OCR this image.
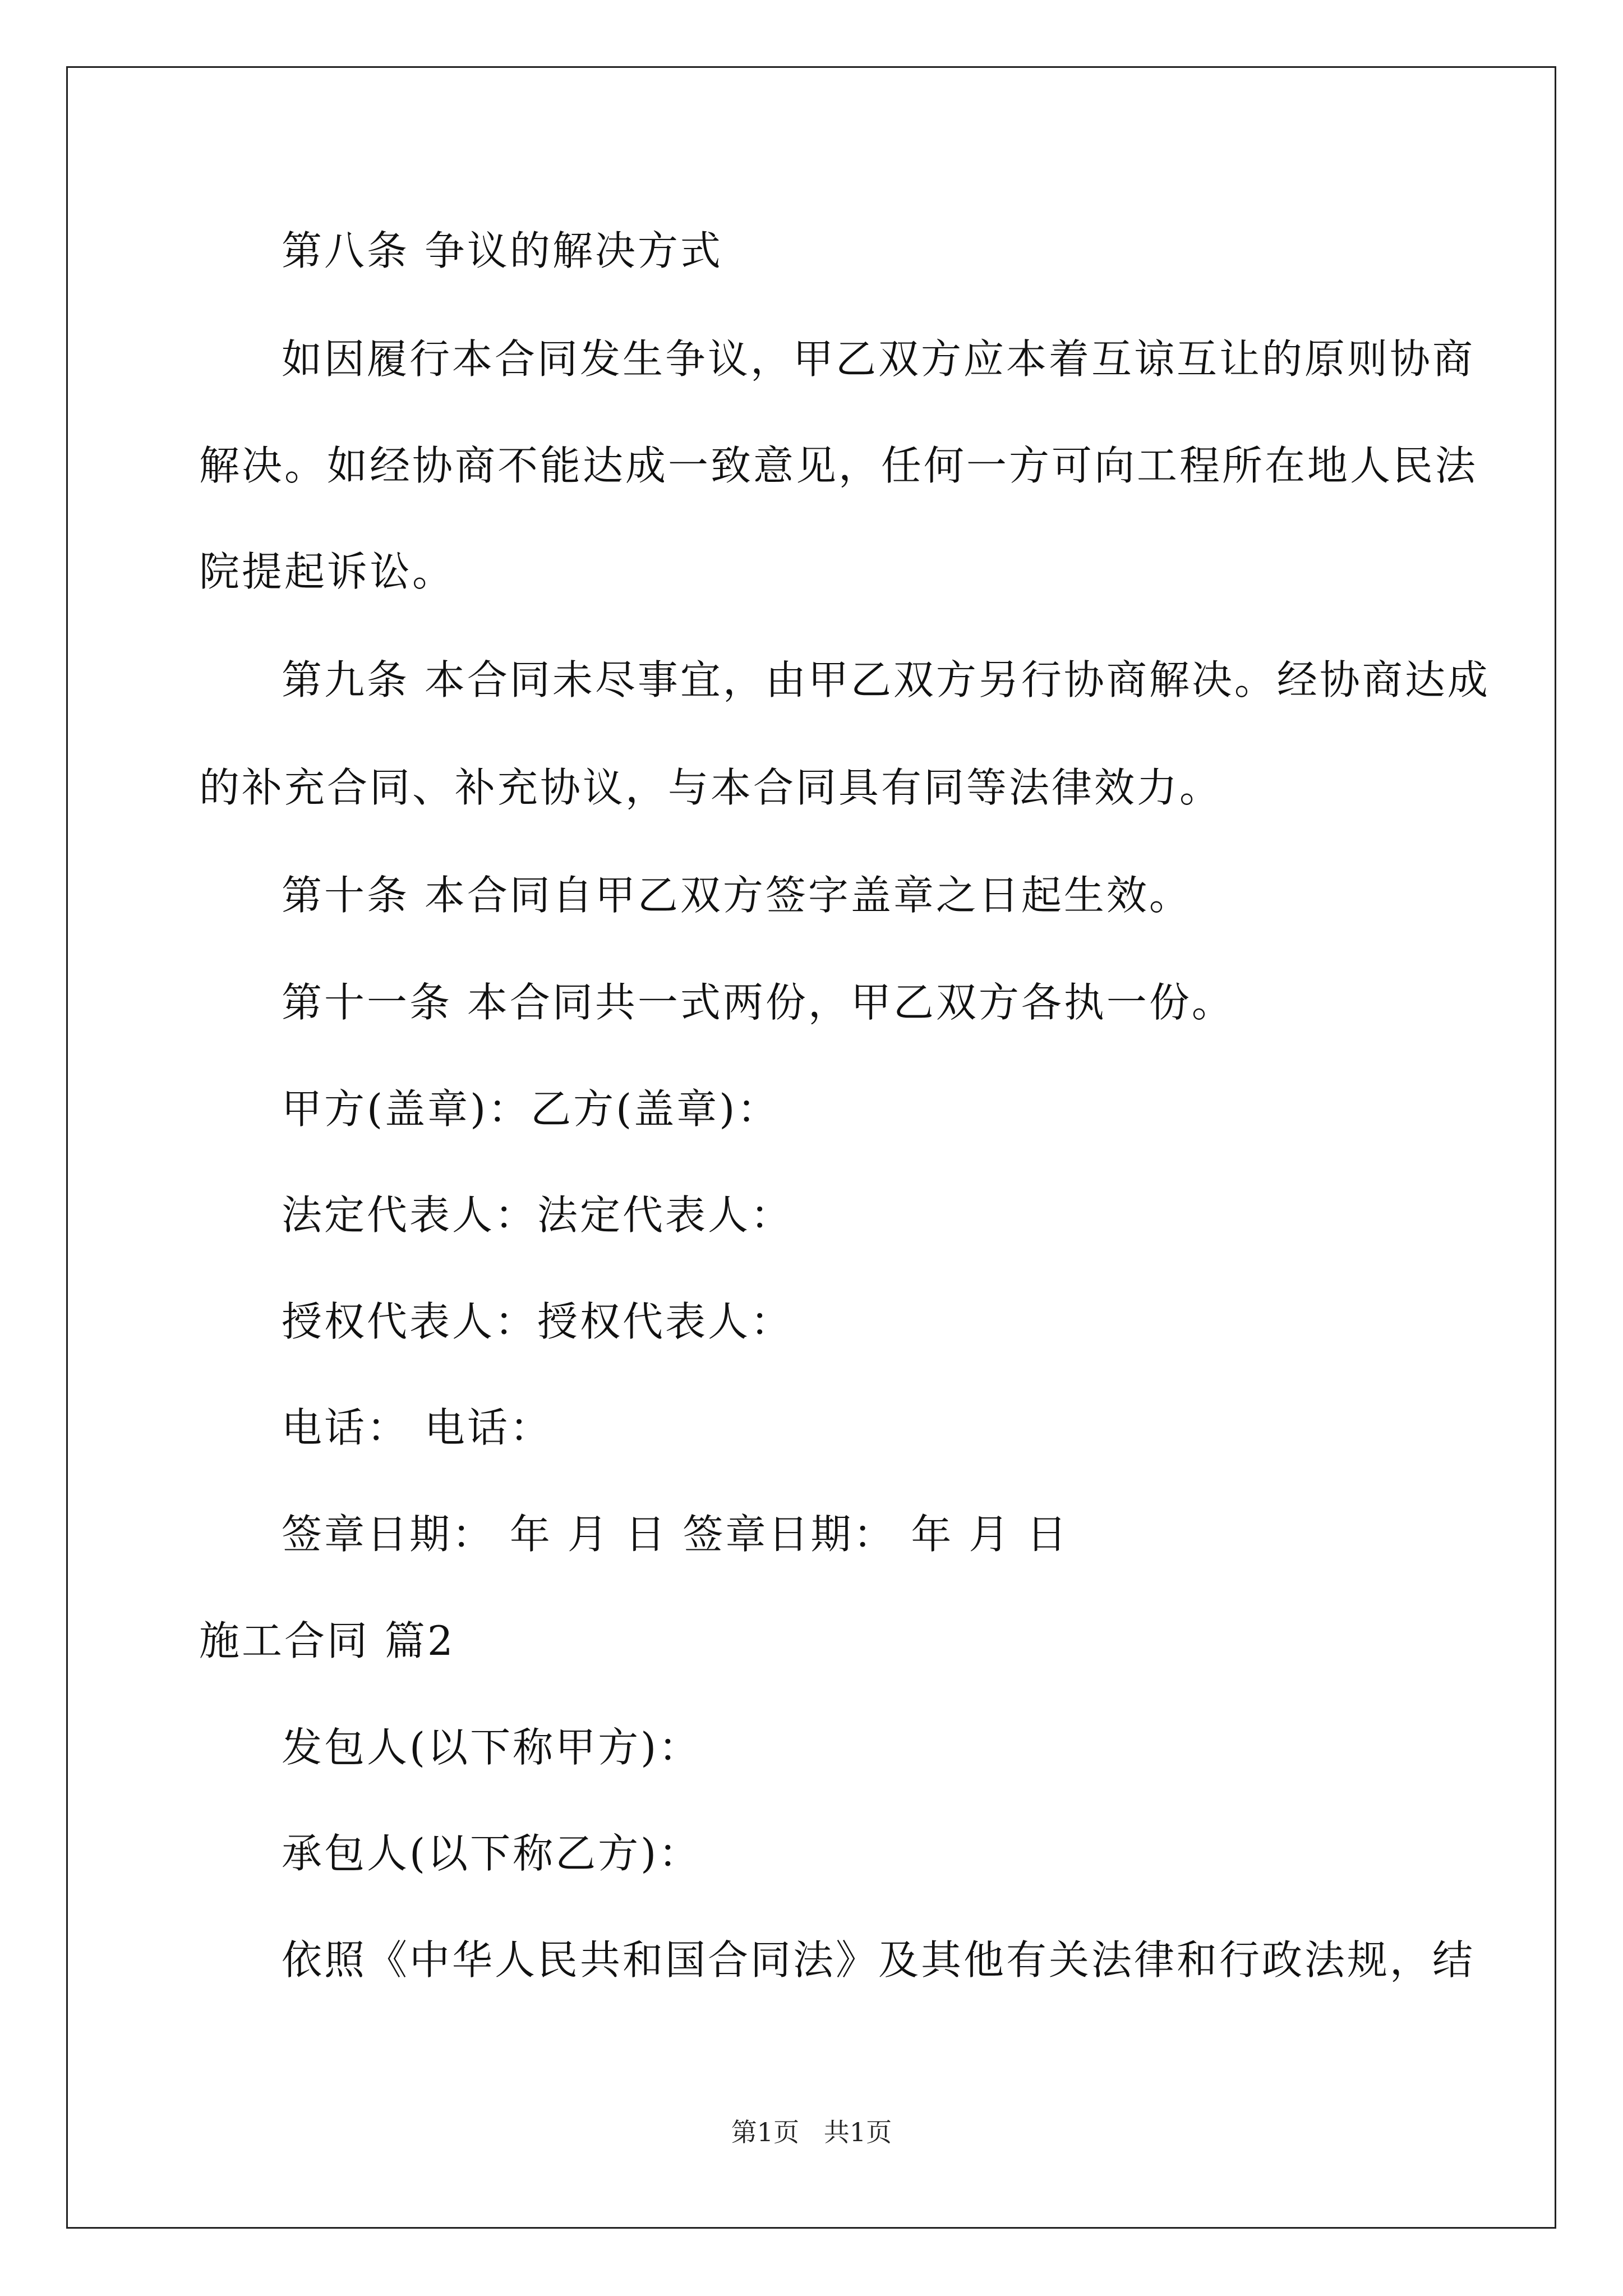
第八条 争议的解决方式
如因履行本合同发生争议，甲乙双方应本着互谅互让的原则协商
解决。如经协商不能达成一致意见，任何一方可向工程所在地人民法
院提起诉讼。
第九条 本合同未尽事宜，由甲乙双方另行协商解决。经协商达成
的补充合同、补充协议，与本合同具有同等法律效力。
第十条 本合同自甲乙双方签字盖章之日起生效。
第十一条 本合同共一式两份，甲乙双方各执一份。
甲方(盖章)：乙方(盖章)：
法定代表人：法定代表人：
授权代表人：授权代表人：
电话： 电话：
签章日期： 年 月 日 签章日期： 年 月 日
施工合同 篇2
发包人(以下称甲方)：
承包人(以下称乙方)：
依照《中华人民共和国合同法》及其他有关法律和行政法规，结
第1页   共1页
